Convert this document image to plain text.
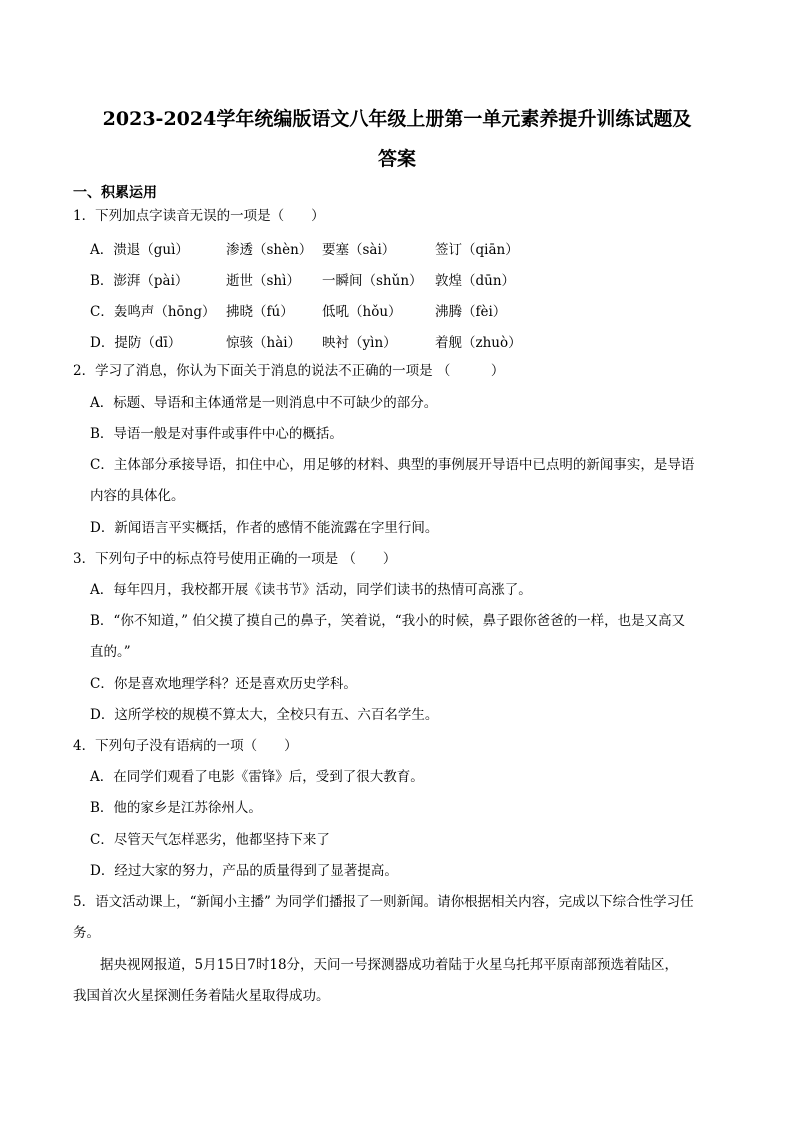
2023-2024学年统编版语文八年级上册第一单元素养提升训练试题及
答案
一、积累运用
1．下列加点字读音无误的一项是（　　）
A．溃退（guì）	渗透（shèn） 要塞（sài）	签订（qiān）
B．澎湃（pài）	逝世（shì） 一瞬间（shǔn） 敦煌（dūn）
C．轰鸣声（hōng） 拂晓（fú） 低吼（hǒu） 沸腾（fèi）
D．提防（dī）	惊骇（hài） 映衬（yìn）	着舰（zhuò）
2．学习了消息，你认为下面关于消息的说法不正确的一项是 （　　　）
A．标题、导语和主体通常是一则消息中不可缺少的部分。
B．导语一般是对事件或事件中心的概括。
C．主体部分承接导语，扣住中心，用足够的材料、典型的事例展开导语中已点明的新闻事实，是导语
内容的具体化。
D．新闻语言平实概括，作者的感情不能流露在字里行间。
3．下列句子中的标点符号使用正确的一项是 （　　）
A．每年四月，我校都开展《读书节》活动，同学们读书的热情可高涨了。
B．“你不知道，” 伯父摸了摸自己的鼻子，笑着说，“我小的时候，鼻子跟你爸爸的一样，也是又高又
直的。”
C．你是喜欢地理学科？还是喜欢历史学科。
D．这所学校的规模不算太大，全校只有五、六百名学生。
4．下列句子没有语病的一项（　　）
A．在同学们观看了电影《雷锋》后，受到了很大教育。
B．他的家乡是江苏徐州人。
C．尽管天气怎样恶劣，他都坚持下来了
D．经过大家的努力，产品的质量得到了显著提高。
5．语文活动课上，“新闻小主播” 为同学们播报了一则新闻。请你根据相关内容，完成以下综合性学习任
务。
据央视网报道，5月15日7时18分，天问一号探测器成功着陆于火星乌托邦平原南部预选着陆区，
我国首次火星探测任务着陆火星取得成功。
